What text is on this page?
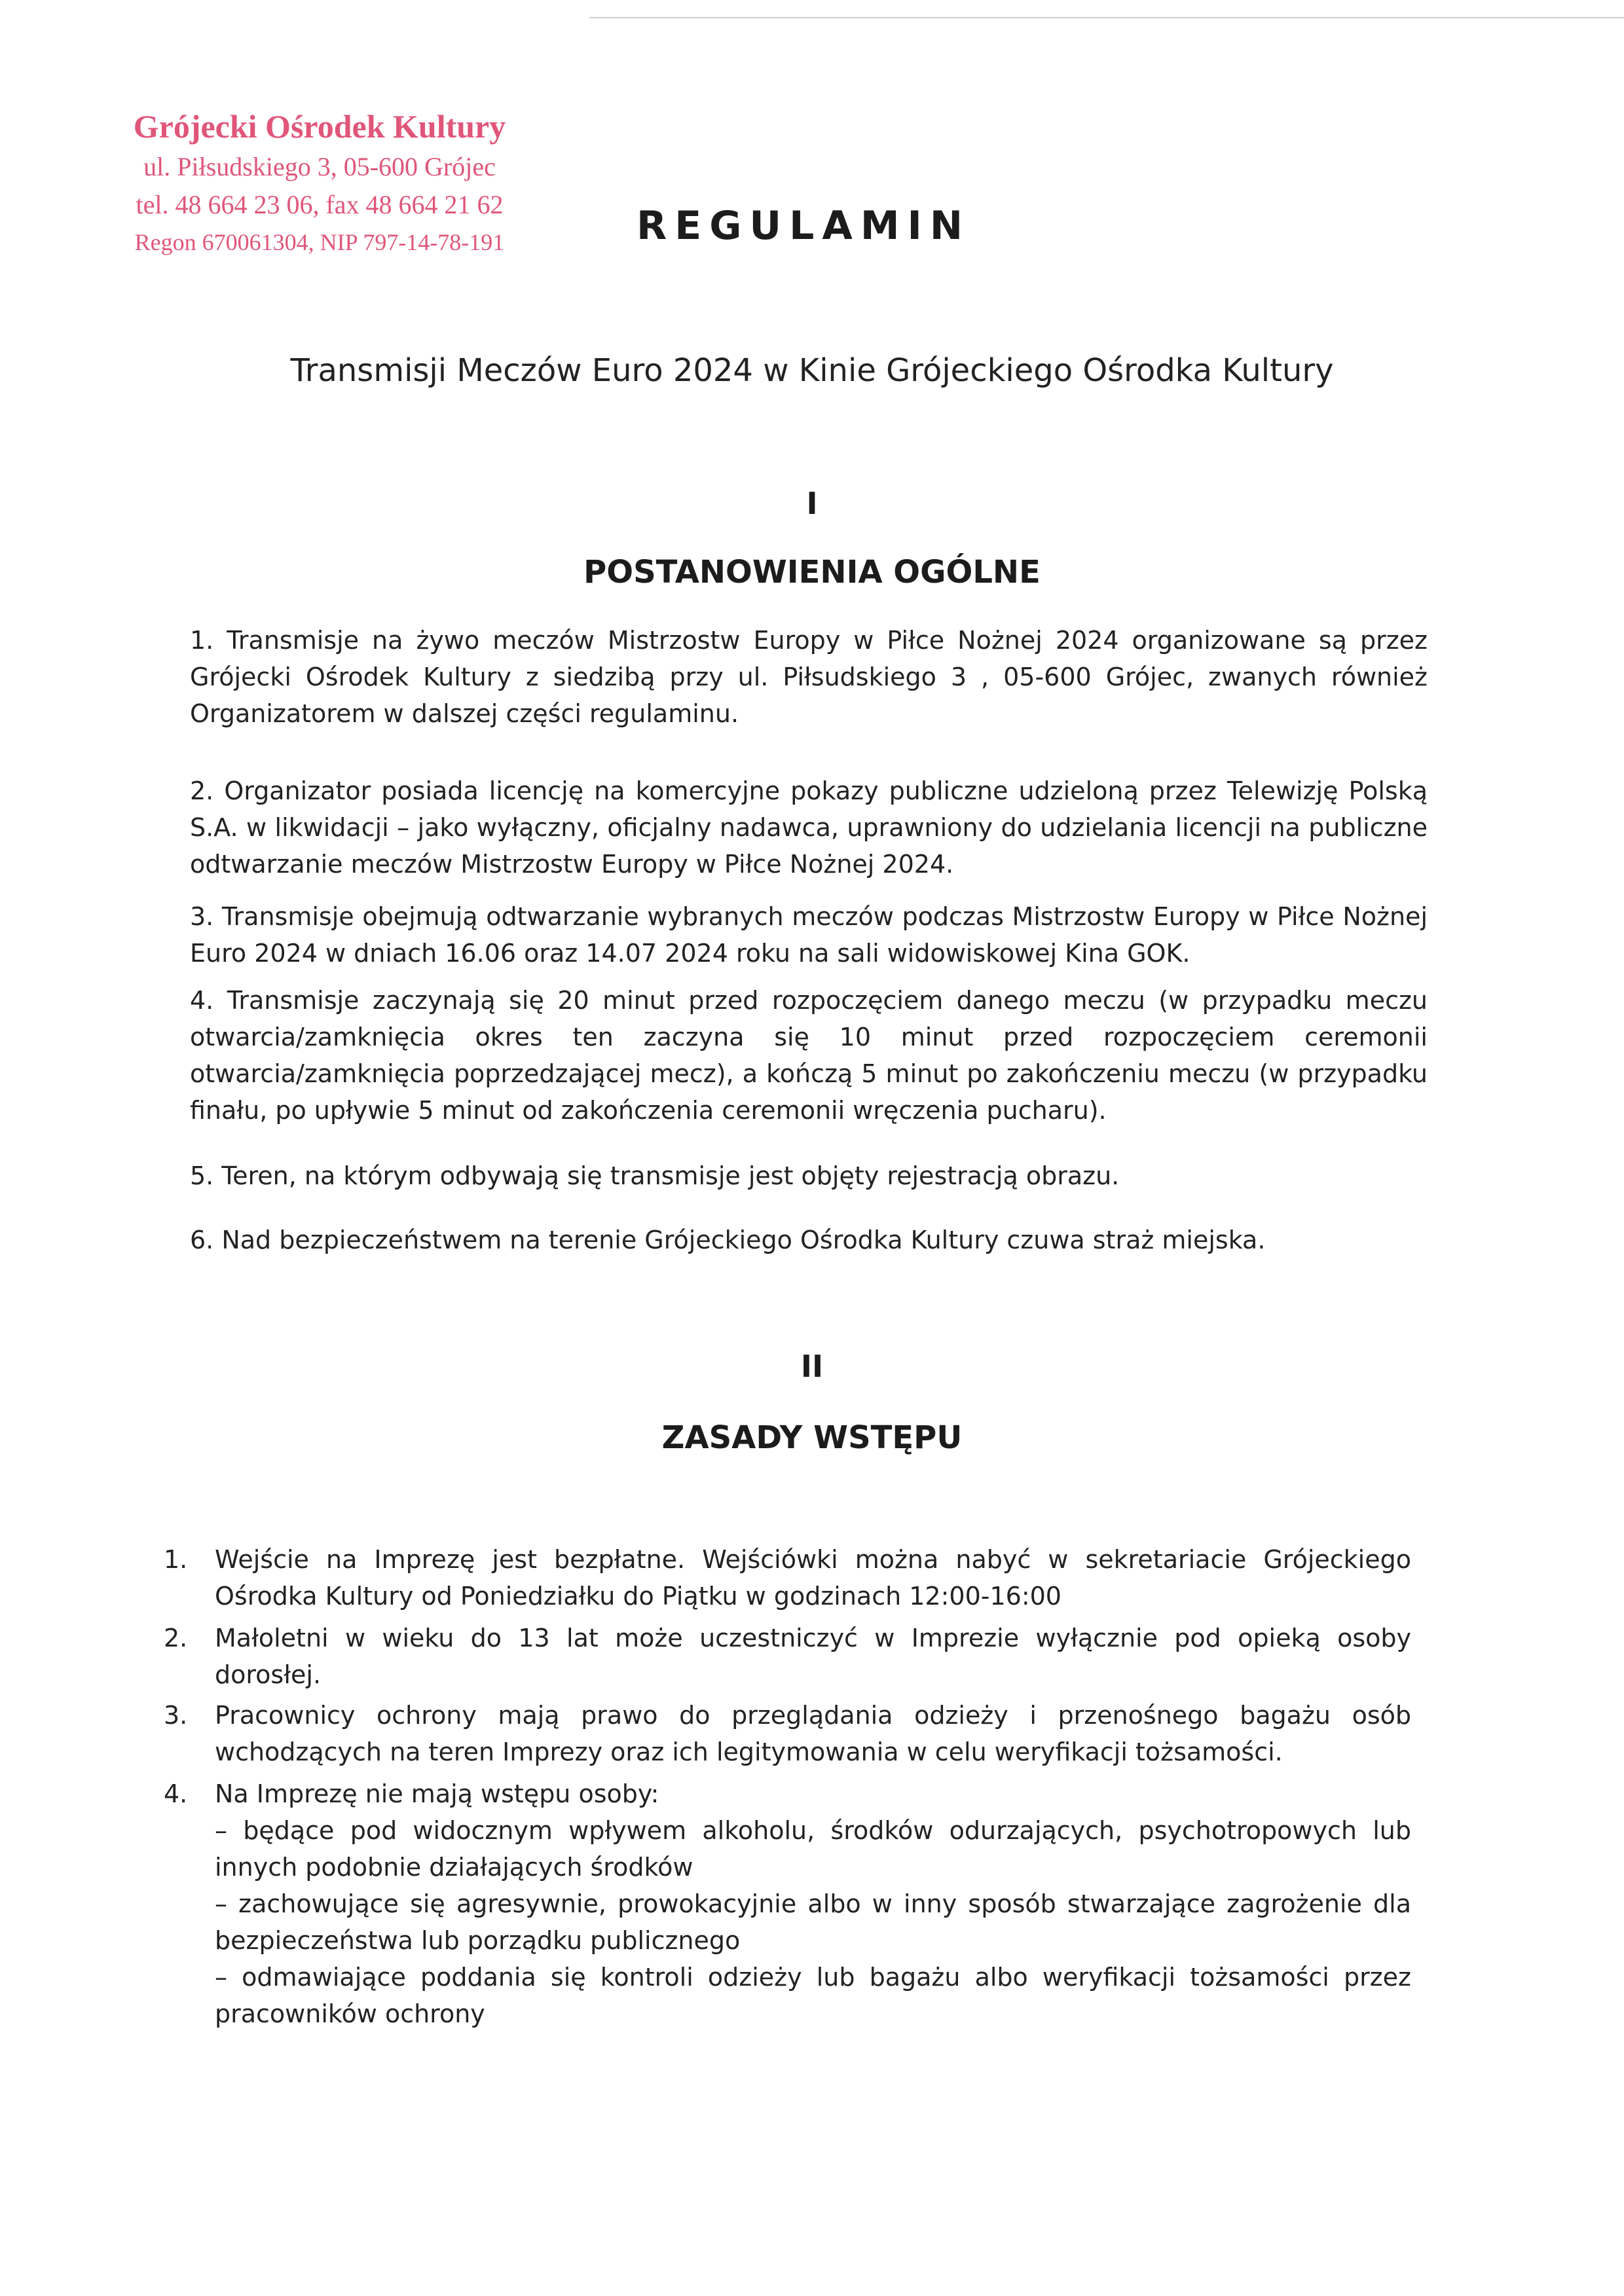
Grójecki Ośrodek Kultury
ul. Piłsudskiego 3, 05-600 Grójec
tel. 48 664 23 06, fax 48 664 21 62
Regon 670061304, NIP 797-14-78-191	REGULAMIN
Transmisji Meczów Euro 2024 w Kinie Grójeckiego Ośrodka Kultury
I
POSTANOWIENIA OGÓLNE
1. Transmisje na żywo meczów Mistrzostw Europy w Piłce Nożnej 2024 organizowane są przez Grójecki Ośrodek Kultury z siedzibą przy ul. Piłsudskiego 3 , 05-600 Grójec, zwanych również Organizatorem w dalszej części regulaminu.
2. Organizator posiada licencję na komercyjne pokazy publiczne udzieloną przez Telewizję Polską S.A. w likwidacji – jako wyłączny, oficjalny nadawca, uprawniony do udzielania licencji na publiczne odtwarzanie meczów Mistrzostw Europy w Piłce Nożnej 2024.
3. Transmisje obejmują odtwarzanie wybranych meczów podczas Mistrzostw Europy w Piłce Nożnej Euro 2024 w dniach 16.06 oraz 14.07 2024 roku na sali widowiskowej Kina GOK.
4. Transmisje zaczynają się 20 minut przed rozpoczęciem danego meczu (w przypadku meczu otwarcia/zamknięcia okres ten zaczyna się 10 minut przed rozpoczęciem ceremonii otwarcia/zamknięcia poprzedzającej mecz), a kończą 5 minut po zakończeniu meczu (w przypadku finału, po upływie 5 minut od zakończenia ceremonii wręczenia pucharu).
5. Teren, na którym odbywają się transmisje jest objęty rejestracją obrazu.
6. Nad bezpieczeństwem na terenie Grójeckiego Ośrodka Kultury czuwa straż miejska.
II
ZASADY WSTĘPU
1. Wejście na Imprezę jest bezpłatne. Wejściówki można nabyć w sekretariacie Grójeckiego Ośrodka Kultury od Poniedziałku do Piątku w godzinach 12:00-16:00
2. Małoletni w wieku do 13 lat może uczestniczyć w Imprezie wyłącznie pod opieką osoby dorosłej.
3. Pracownicy ochrony mają prawo do przeglądania odzieży i przenośnego bagażu osób wchodzących na teren Imprezy oraz ich legitymowania w celu weryfikacji tożsamości.
4. Na Imprezę nie mają wstępu osoby:
– będące pod widocznym wpływem alkoholu, środków odurzających, psychotropowych lub innych podobnie działających środków
– zachowujące się agresywnie, prowokacyjnie albo w inny sposób stwarzające zagrożenie dla bezpieczeństwa lub porządku publicznego
– odmawiające poddania się kontroli odzieży lub bagażu albo weryfikacji tożsamości przez pracowników ochrony
